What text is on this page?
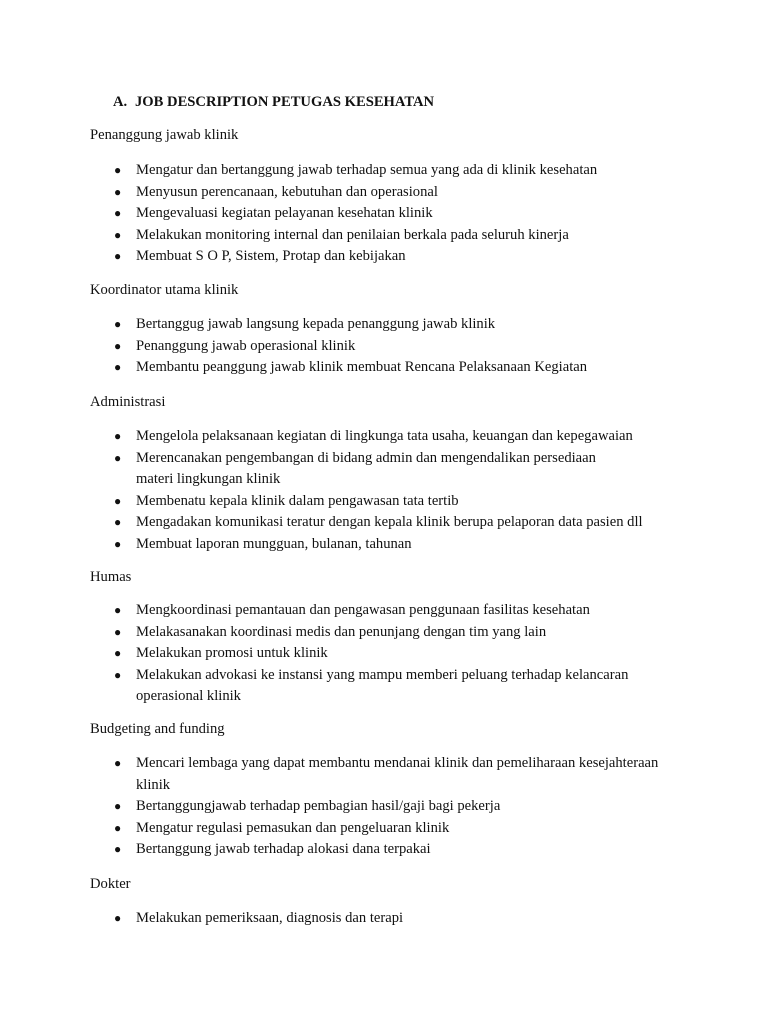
A. JOB DESCRIPTION PETUGAS KESEHATAN
Penanggung jawab klinik
● Mengatur dan bertanggung jawab terhadap semua yang ada di klinik kesehatan
● Menyusun perencanaan, kebutuhan dan operasional
● Mengevaluasi kegiatan pelayanan kesehatan klinik
● Melakukan monitoring internal dan penilaian berkala pada seluruh kinerja
● Membuat S O P, Sistem, Protap dan kebijakan
Koordinator utama klinik
● Bertanggug jawab langsung kepada penanggung jawab klinik
● Penanggung jawab operasional klinik
● Membantu peanggung jawab klinik membuat Rencana Pelaksanaan Kegiatan
Administrasi
● Mengelola pelaksanaan kegiatan di lingkunga tata usaha, keuangan dan kepegawaian
● Merencanakan pengembangan di bidang admin dan mengendalikan persediaan materi lingkungan klinik
● Membenatu kepala klinik dalam pengawasan tata tertib
● Mengadakan komunikasi teratur dengan kepala klinik berupa pelaporan data pasien dll
● Membuat laporan mungguan, bulanan, tahunan
Humas
● Mengkoordinasi pemantauan dan pengawasan penggunaan fasilitas kesehatan
● Melakasanakan koordinasi medis dan penunjang dengan tim yang lain
● Melakukan promosi untuk klinik
● Melakukan advokasi ke instansi yang mampu memberi peluang terhadap kelancaran operasional klinik
Budgeting and funding
● Mencari lembaga yang dapat membantu mendanai klinik dan pemeliharaan kesejahteraan klinik
● Bertanggungjawab terhadap pembagian hasil/gaji bagi pekerja
● Mengatur regulasi pemasukan dan pengeluaran klinik
● Bertanggung jawab terhadap alokasi dana terpakai
Dokter
● Melakukan pemeriksaan, diagnosis dan terapi
